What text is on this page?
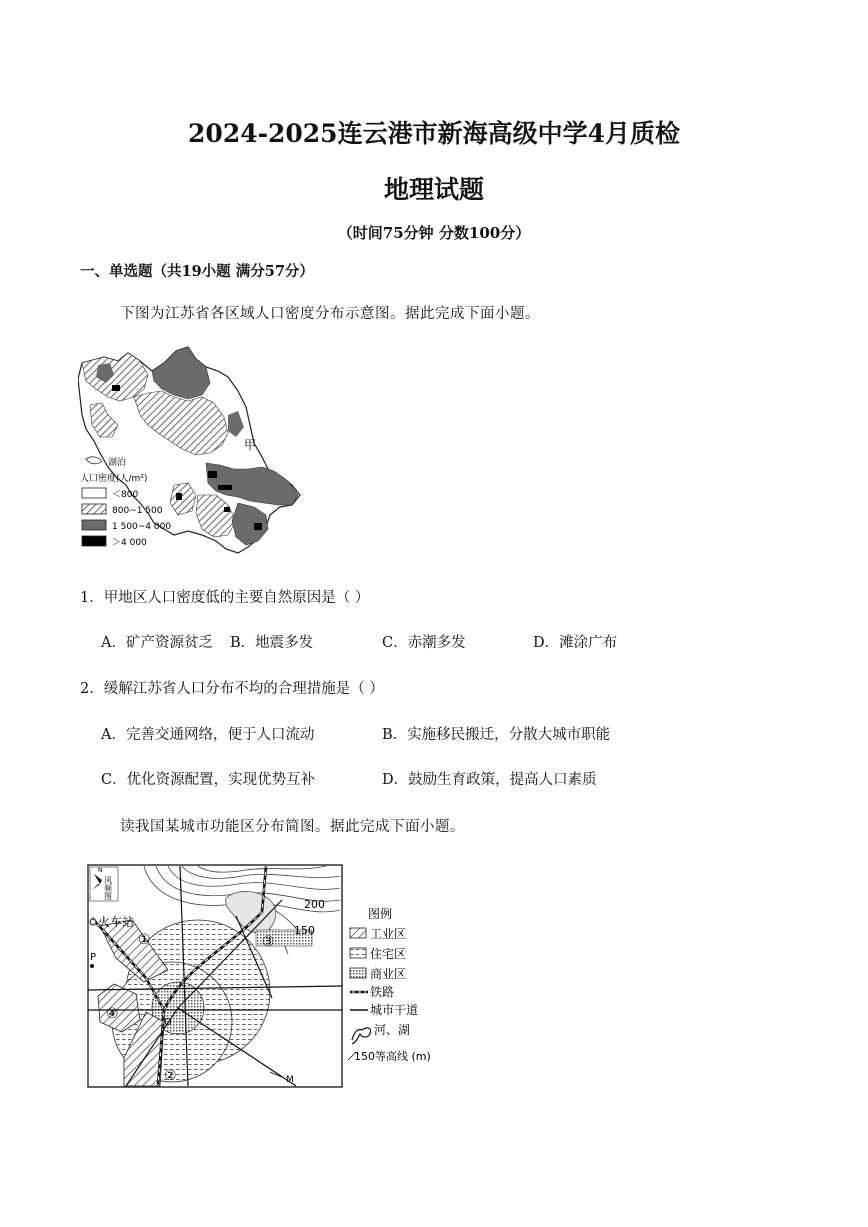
2024-2025连云港市新海高级中学4月质检
地理试题
（时间75分钟 分数100分）
一、单选题（共19小题 满分57分）
下图为江苏省各区域人口密度分布示意图。据此完成下面小题。
甲
湖泊
人口密度(人/m²)
＜800
800~1 500
1 500~4 000
＞4 000
1．甲地区人口密度低的主要自然原因是（ ）
A．矿产资源贫乏 B．地震多发	C．赤潮多发	D．滩涂广布
2．缓解江苏省人口分布不均的合理措施是（ ）
A．完善交通网络，便于人口流动	B．实施移民搬迁，分散大城市职能
C．优化资源配置，实现优势互补	D．鼓励生育政策，提高人口素质
读我国某城市功能区分布简图。据此完成下面小题。
N
风频图
火车站
200
150
P
M
O
①
②
③
④
图例
工业区
住宅区
商业区
铁路
城市干道
河、湖
150等高线 (m)
